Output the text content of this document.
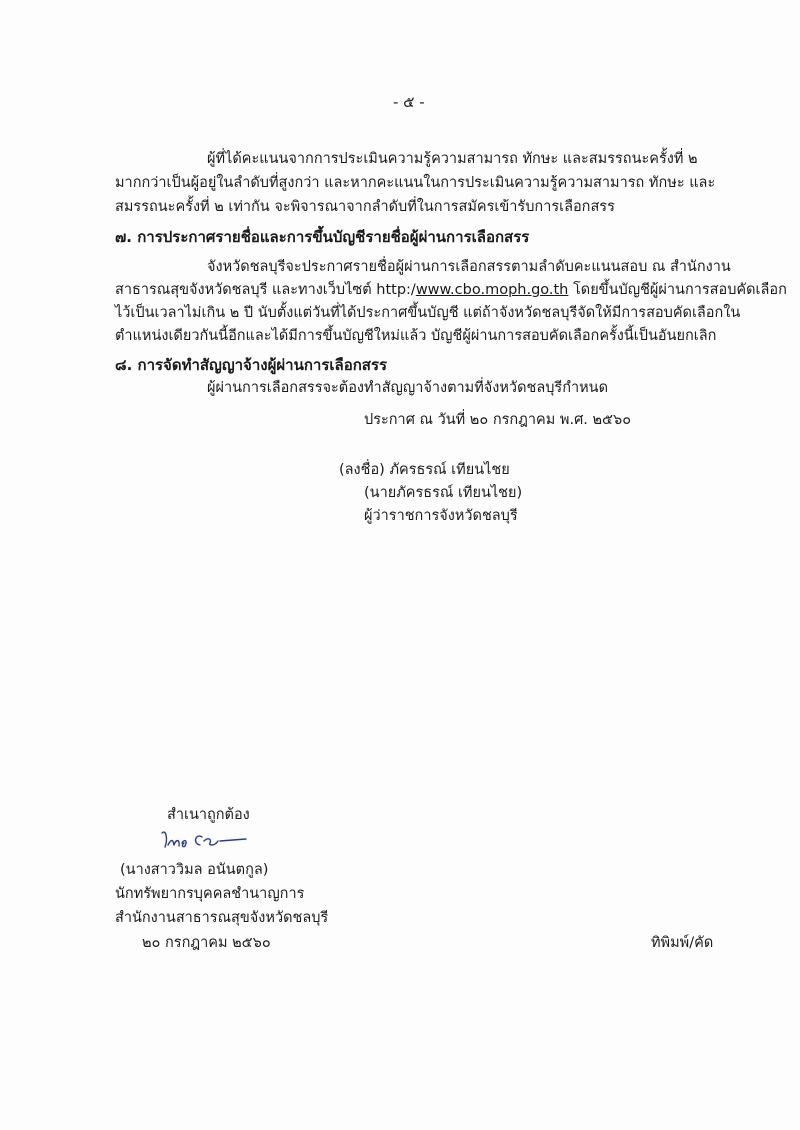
- ๕ -
ผู้ที่ได้คะแนนจากการประเมินความรู้ความสามารถ ทักษะ และสมรรถนะครั้งที่ ๒
มากกว่าเป็นผู้อยู่ในลำดับที่สูงกว่า และหากคะแนนในการประเมินความรู้ความสามารถ ทักษะ และ
สมรรถนะครั้งที่ ๒ เท่ากัน จะพิจารณาจากลำดับที่ในการสมัครเข้ารับการเลือกสรร
๗. การประกาศรายชื่อและการขึ้นบัญชีรายชื่อผู้ผ่านการเลือกสรร
จังหวัดชลบุรีจะประกาศรายชื่อผู้ผ่านการเลือกสรรตามลำดับคะแนนสอบ ณ สำนักงาน
สาธารณสุขจังหวัดชลบุรี และทางเว็บไซต์ http:/www.cbo.moph.go.th โดยขึ้นบัญชีผู้ผ่านการสอบคัดเลือก
ไว้เป็นเวลาไม่เกิน ๒ ปี นับตั้งแต่วันที่ได้ประกาศขึ้นบัญชี แต่ถ้าจังหวัดชลบุรีจัดให้มีการสอบคัดเลือกใน
ตำแหน่งเดียวกันนี้อีกและได้มีการขึ้นบัญชีใหม่แล้ว บัญชีผู้ผ่านการสอบคัดเลือกครั้งนี้เป็นอันยกเลิก
๘. การจัดทำสัญญาจ้างผู้ผ่านการเลือกสรร
ผู้ผ่านการเลือกสรรจะต้องทำสัญญาจ้างตามที่จังหวัดชลบุรีกำหนด
ประกาศ ณ วันที่ ๒๐ กรกฎาคม พ.ศ. ๒๕๖๐
(ลงชื่อ) ภัครธรณ์ เทียนไชย
(นายภัครธรณ์ เทียนไชย)
ผู้ว่าราชการจังหวัดชลบุรี
สำเนาถูกต้อง
(นางสาววิมล อนันตกูล)
นักทรัพยากรบุคคลชำนาญการ
สำนักงานสาธารณสุขจังหวัดชลบุรี
๒๐ กรกฎาคม ๒๕๖๐	ทิพิมพ์/คัด
